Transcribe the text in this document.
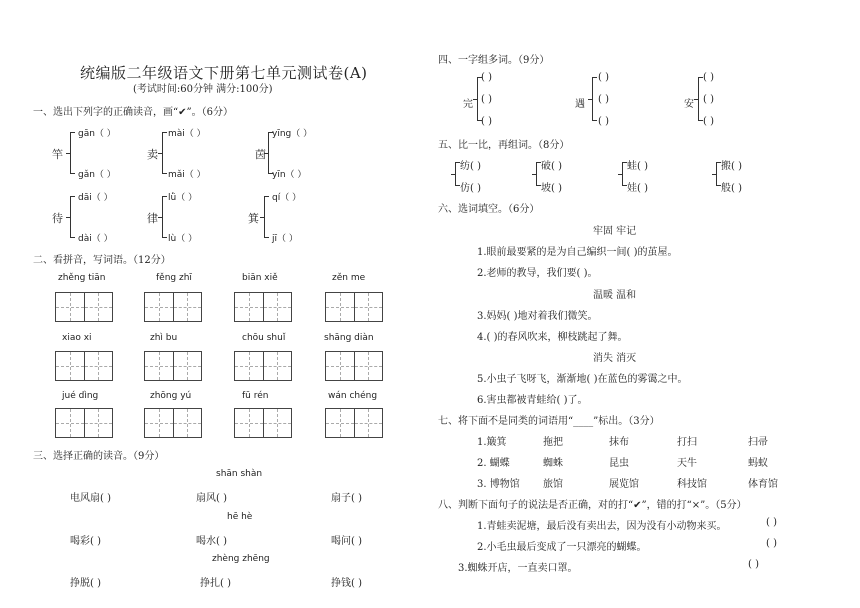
统编版二年级语文下册第七单元测试卷(A)
(考试时间:60分钟 满分:100分)
一、选出下列字的正确读音，画“✔”。（6分）
竿
gān（ ）
gǎn（ ）
卖
mài（ ）
mǎi（ ）
茵
yīng（ ）
yīn（ ）
待
dāi（ ）
dài（ ）
律
lǜ（ ）
lù（ ）
箕
qí（ ）
jī（ ）
二、看拼音，写词语。（12分）
zhěng tiān	fěng zhī	biān xiě	zěn me
xiao xi	zhì bu	chōu shuǐ	shāng diàn
jué dìng	zhōng yú	fū rén	wán chéng
三、选择正确的读音。（9分）
shān shàn
电风扇( )	扇风( )	扇子( )
hē hè
喝彩( )	喝水( )	喝问( )
zhèng zhēng
挣脱( )	挣扎( )	挣钱( )
四、一字组多词。（9分）
完
( )
( )
( )
遇
( )
( )
( )
安
( )
( )
( )
五、比一比，再组词。（8分）
纺( )
仿( )
破( )
坡( )
蛙( )
娃( )
搬( )
般( )
六、选词填空。（6分）
牢固 牢记
1.眼前最要紧的是为自己编织一间( )的茧屋。
2.老师的教导，我们要( )。
温暖 温和
3.妈妈( )地对着我们微笑。
4.( )的春风吹来，柳枝跳起了舞。
消失 消灭
5.小虫子飞呀飞，渐渐地( )在蓝色的雾霭之中。
6.害虫都被青蛙给( )了。
七、将下面不是同类的词语用“____”标出。（3分）
1.簸箕	拖把	抹布	打扫	扫帚
2. 蝴蝶	蜘蛛	昆虫	天牛	蚂蚁
3. 博物馆 旅馆	展览馆	科技馆	体育馆
八、判断下面句子的说法是否正确，对的打“✔”，错的打“×”。（5分）
1.青蛙卖泥塘，最后没有卖出去，因为没有小动物来买。	( )
2.小毛虫最后变成了一只漂亮的蝴蝶。	( )
3.蜘蛛开店，一直卖口罩。	( )
